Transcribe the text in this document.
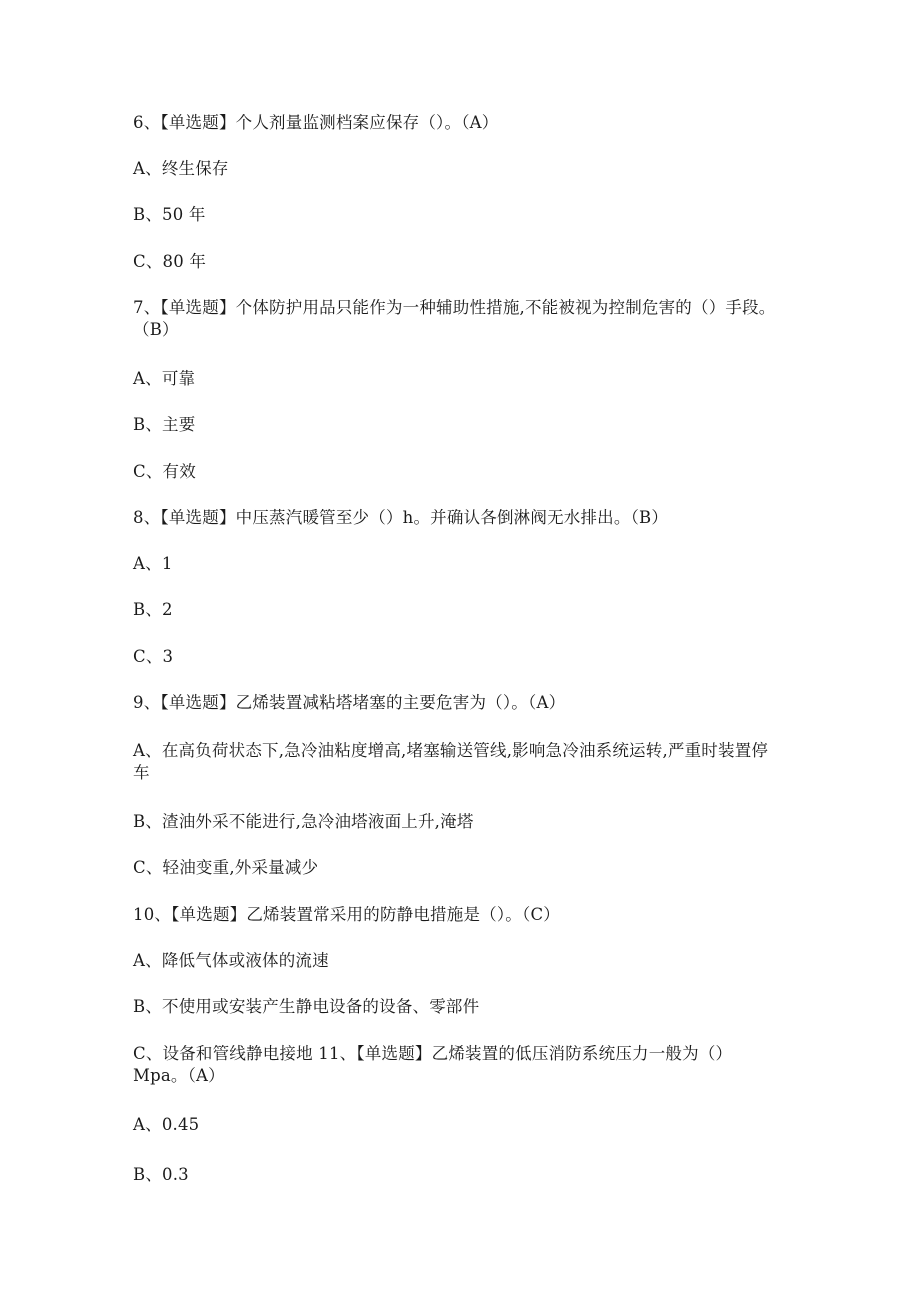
6、【单选题】个人剂量监测档案应保存（）。（A）
A、终生保存
B、50 年
C、80 年
7、【单选题】个体防护用品只能作为一种辅助性措施,不能被视为控制危害的（）手段。（B）
A、可靠
B、主要
C、有效
8、【单选题】中压蒸汽暖管至少（）h。并确认各倒淋阀无水排出。（B）
A、1
B、2
C、3
9、【单选题】乙烯装置减粘塔堵塞的主要危害为（）。（A）
A、在高负荷状态下,急冷油粘度增高,堵塞输送管线,影响急冷油系统运转,严重时装置停车
B、渣油外采不能进行,急冷油塔液面上升,淹塔
C、轻油变重,外采量减少
10、【单选题】乙烯装置常采用的防静电措施是（）。（C）
A、降低气体或液体的流速
B、不使用或安装产生静电设备的设备、零部件
C、设备和管线静电接地 11、【单选题】乙烯装置的低压消防系统压力一般为（）Mpa。（A）
A、0.45
B、0.3
